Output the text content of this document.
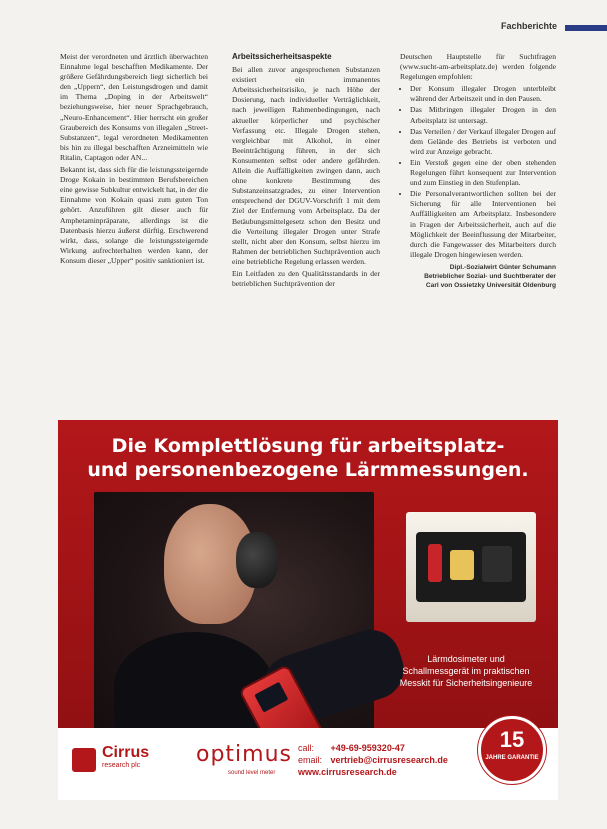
Fachberichte

Meist der verordneten und ärztlich überwachten Einnahme legal beschafften Medikamente. Der größere Gefährdungsbereich liegt sicherlich bei den „Uppern“, den Leistungsdrogen und damit im Thema „Doping in der Arbeitswelt“ beziehungsweise, hier neuer Sprachgebrauch, „Neuro-Enhancement“. Hier herrscht ein großer Graubereich des Konsums von illegalen „Street-Substanzen“, legal verordneten Medikamenten bis hin zu illegal beschafften Arzneimitteln wie Ritalin, Captagon oder AN...

Bekannt ist, dass sich für die leistungssteigernde Droge Kokain in bestimmten Berufsbereichen eine gewisse Subkultur entwickelt hat, in der die Einnahme von Kokain quasi zum guten Ton gehört. Anzuführen gilt dieser auch für Amphetaminpräparate, allerdings ist die Datenbasis hierzu äußerst dürftig. Erschwerend wirkt, dass, solange die leistungssteigernde Wirkung aufrechterhalten werden kann, der Konsum dieser „Upper“ positiv sanktioniert ist.

Arbeitssicherheitsaspekte

Bei allen zuvor angesprochenen Substanzen existiert ein immanentes Arbeitssicherheitsrisiko, je nach Höhe der Dosierung, nach individueller Verträglichkeit, nach jeweiligen Rahmenbedingungen, nach aktueller körperlicher und psychischer Verfassung etc. Illegale Drogen stehen, vergleichbar mit Alkohol, in einer Beeinträchtigung führen, in der sich Konsumenten selbst oder andere gefährden. Allein die Auffälligkeiten zwingen dann, auch ohne konkrete Bestimmung des Substanzeinsatzgrades, zu einer Intervention entsprechend der DGUV-Vorschrift 1 mit dem Ziel der Entfernung vom Arbeitsplatz. Da der Betäubungsmittelgesetz schon den Besitz und die Verteilung illegaler Drogen unter Strafe stellt, nicht aber den Konsum, selbst hierzu im Rahmen der betrieblichen Suchtprävention auch eine betriebliche Regelung erlassen werden.

Ein Leitfaden zu den Qualitätsstandards in der betrieblichen Suchtprävention der

Deutschen Hauptstelle für Suchtfragen (www.sucht-am-arbeitsplatz.de) werden folgende Regelungen empfohlen:

• Der Konsum illegaler Drogen unterbleibt während der Arbeitszeit und in den Pausen.
• Das Mitbringen illegaler Drogen in den Arbeitsplatz ist untersagt.
• Das Verteilen / der Verkauf illegaler Drogen auf dem Gelände des Betriebs ist verboten und wird zur Anzeige gebracht.
• Ein Verstoß gegen eine der oben stehenden Regelungen führt konsequent zur Intervention und zum Einstieg in den Stufenplan.
• Die Personalverantwortlichen sollten bei der Sicherung für alle Interventionen bei Auffälligkeiten am Arbeitsplatz. Insbesondere in Fragen der Arbeitssicherheit, auch auf die Möglichkeit der Beeinflussung der Mitarbeiter, durch die Fangewasser des Mitarbeiters durch illegale Drogen hingewiesen werden.
Dipl.-Sozialwirt Günter Schumann
Betrieblicher Sozial- und Suchtberater der
Carl von Ossietzky Universität Oldenburg
Die Komplettlösung für arbeitsplatz-
und personenbezogene Lärmmessungen.
Lärmdosimeter und
Schallmessgerät im praktischen
Messkit für Sicherheitsingenieure
Cirrus
research plc	optimus
sound level meter
call: +49-69-959320-47
email: vertrieb@cirrusresearch.de
www.cirrusresearch.de
15
JAHRE GARANTIE
